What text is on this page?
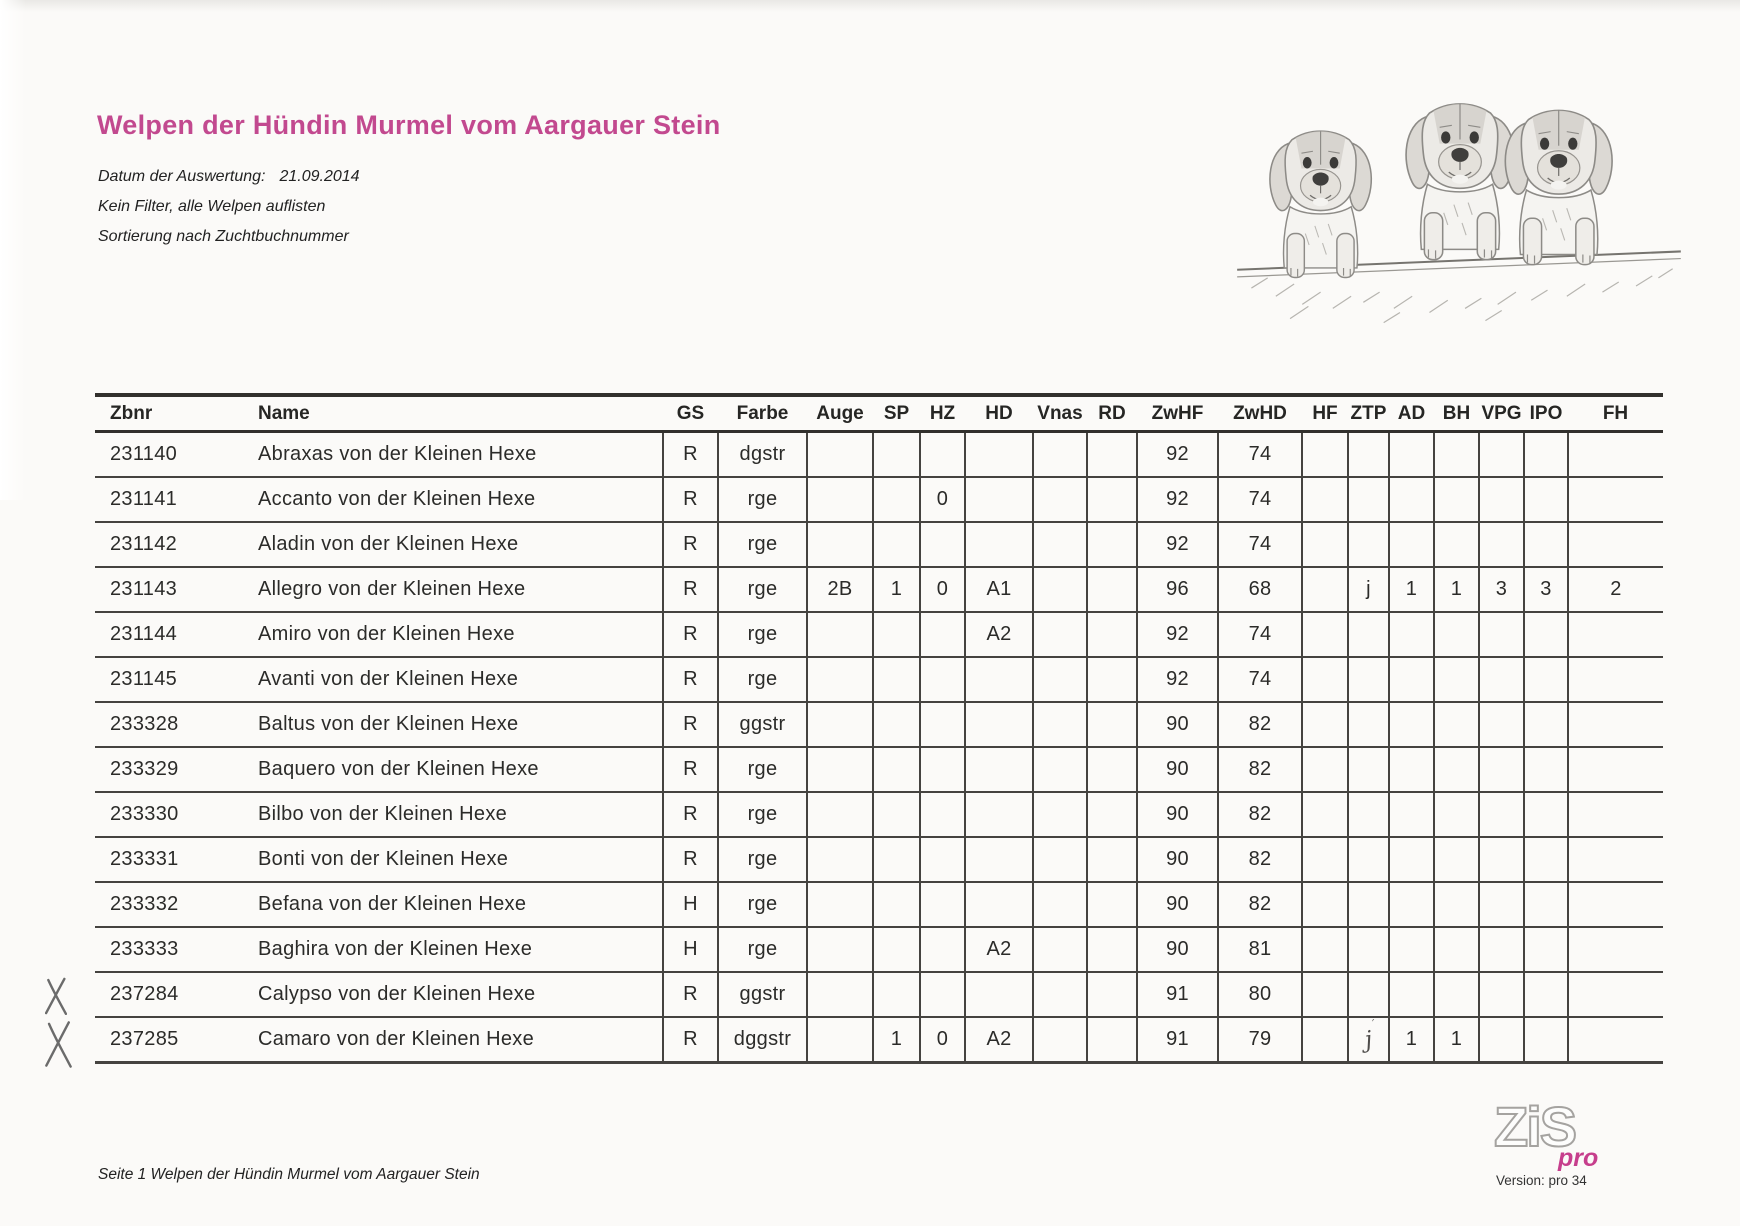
Welpen der Hündin Murmel vom Aargauer Stein
Datum der Auswertung: 21.09.2014
Kein Filter, alle Welpen auflisten
Sortierung nach Zuchtbuchnummer
Zbnr	Name	GS	Farbe	Auge	SP	HZ	HD	Vnas	RD	ZwHF	ZwHD	HF	ZTP	AD	BH	VPG	IPO	FH
231140	Abraxas von der Kleinen Hexe	R	dgstr							92	74							
231141	Accanto von der Kleinen Hexe	R	rge			0				92	74							
231142	Aladin von der Kleinen Hexe	R	rge							92	74							
231143	Allegro von der Kleinen Hexe	R	rge	2B	1	0	A1			96	68		j	1	1	3	3	2
231144	Amiro von der Kleinen Hexe	R	rge				A2			92	74							
231145	Avanti von der Kleinen Hexe	R	rge							92	74							
233328	Baltus von der Kleinen Hexe	R	ggstr							90	82							
233329	Baquero von der Kleinen Hexe	R	rge							90	82							
233330	Bilbo von der Kleinen Hexe	R	rge							90	82							
233331	Bonti von der Kleinen Hexe	R	rge							90	82							
233332	Befana von der Kleinen Hexe	H	rge							90	82							
233333	Baghira von der Kleinen Hexe	H	rge				A2			90	81							
237284	Calypso von der Kleinen Hexe	R	ggstr							91	80							
237285	Camaro von der Kleinen Hexe	R	dggstr		1	0	A2			91	79		j ′	1	1			
Seite 1 Welpen der Hündin Murmel vom Aargauer Stein
ZiS
pro
Version: pro 34
